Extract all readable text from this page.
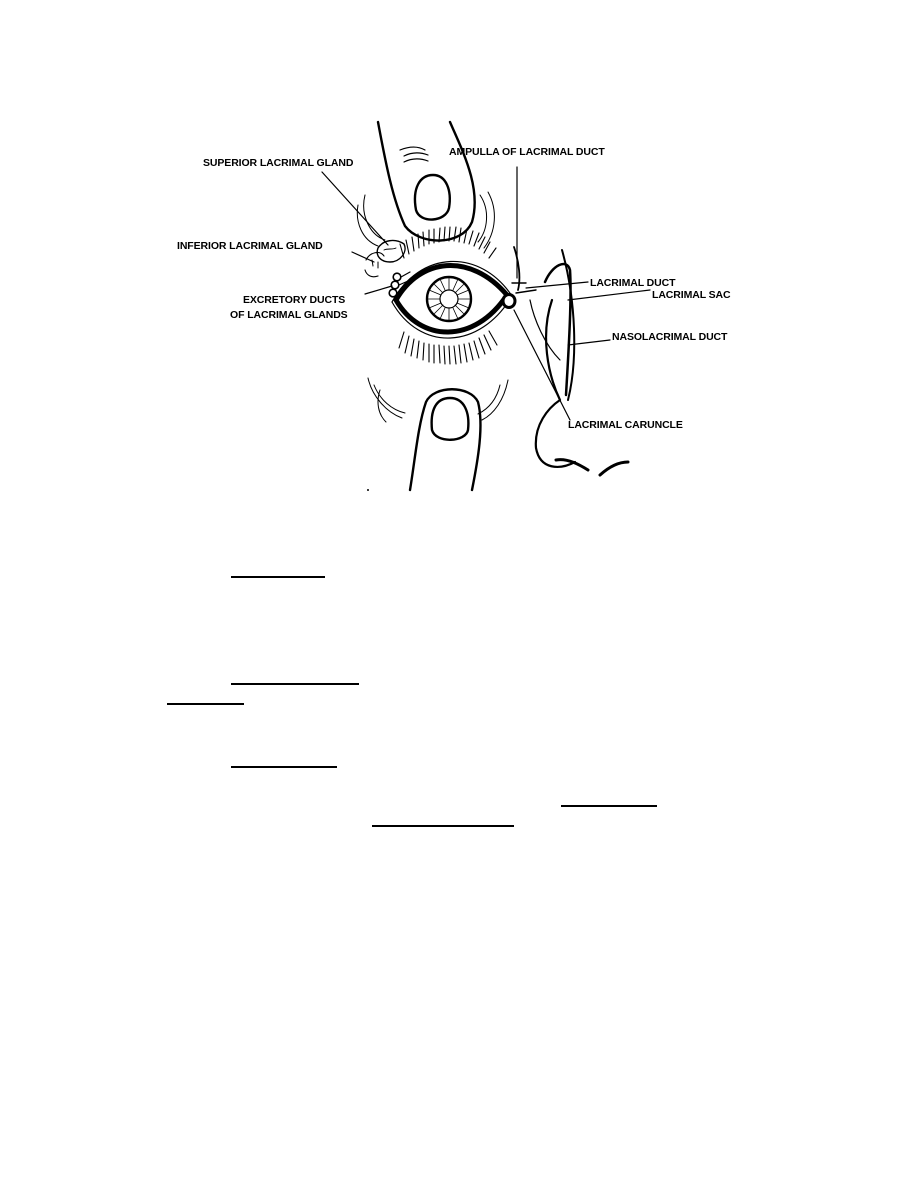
SUPERIOR LACRIMAL GLAND
AMPULLA OF LACRIMAL DUCT
INFERIOR LACRIMAL GLAND
EXCRETORY DUCTS
OF LACRIMAL GLANDS
LACRIMAL DUCT
LACRIMAL SAC
NASOLACRIMAL DUCT
LACRIMAL CARUNCLE
